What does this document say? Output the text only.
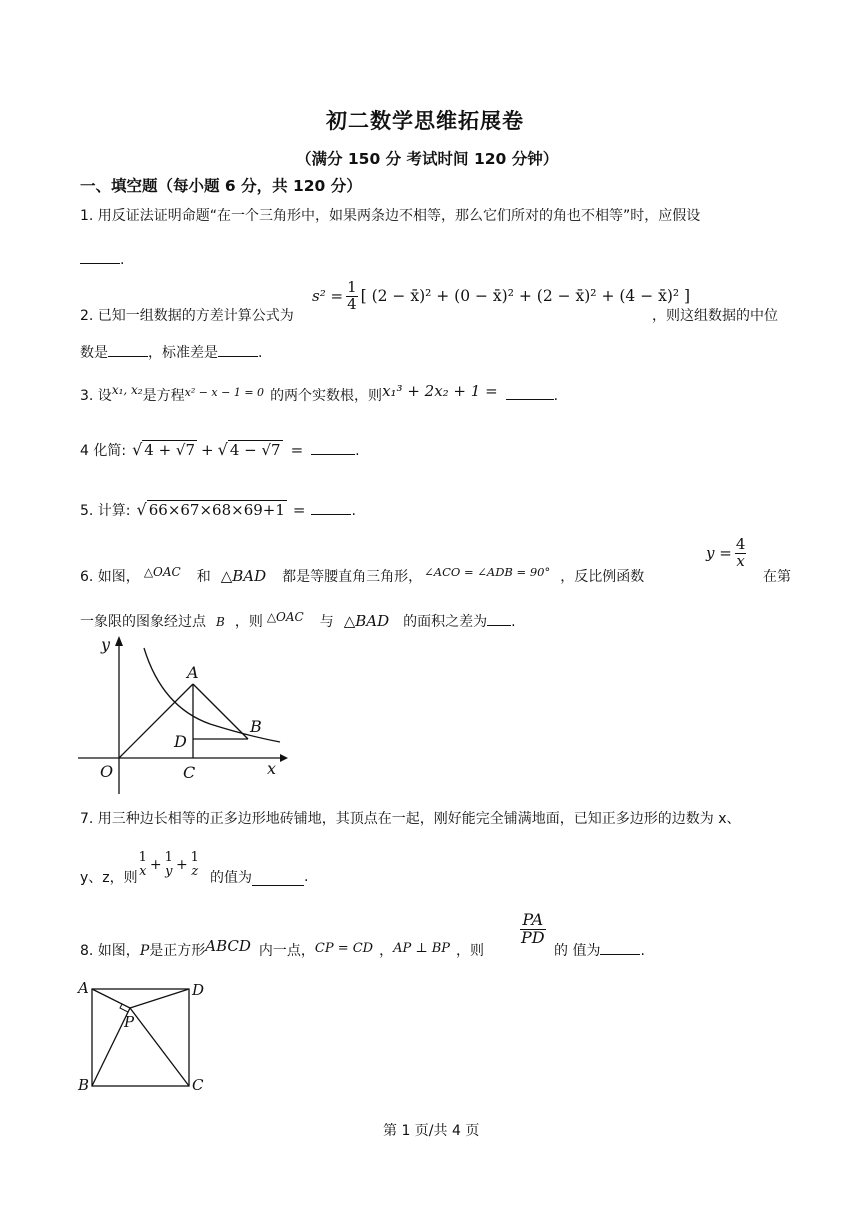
初二数学思维拓展卷
（满分 150 分 考试时间 120 分钟）
一、填空题（每小题 6 分，共 120 分）
1. 用反证法证明命题“在一个三角形中，如果两条边不相等，那么它们所对的角也不相等”时，应假设
.
2. 已知一组数据的方差计算公式为
$s^2 = \frac{1}{4}$ [ (2 − x̄)² + (0 − x̄)² + (2 − x̄)² + (4 − x̄)² ]
，则这组数据的中位
数是	，标准差是	.
3. 设 x₁, x₂ 是方程 x² − x − 1 = 0 的两个实数根，则 x₁³ + 2x₂ + 1 =	.
4 化简: √ 4 + √7 + √ 4 − √7 =	.
5. 计算: √ 66×67×68×69+1 =	.
6. 如图， △OAC 和 △BAD 都是等腰直角三角形， ∠ACO = ∠ADB = 90° ，反比例函数
$y = \frac{4}{x}$
在第
一象限的图象经过点 B ，则 △OAC 与 △BAD 的面积之差为 .
y
A
B
D
O	C	x
7. 用三种边长相等的正多边形地砖铺地，其顶点在一起，刚好能完全铺满地面，已知正多边形的边数为 x、
y、z，则
1
x + 1
y + 1
z 的值为	.
8. 如图， P 是正方形 ABCD 内一点， CP = CD ， AP ⊥ BP ，则
$\frac{PA}{PD}$
的 值为	.
A	D
P
B	C
第 1 页/共 4 页
